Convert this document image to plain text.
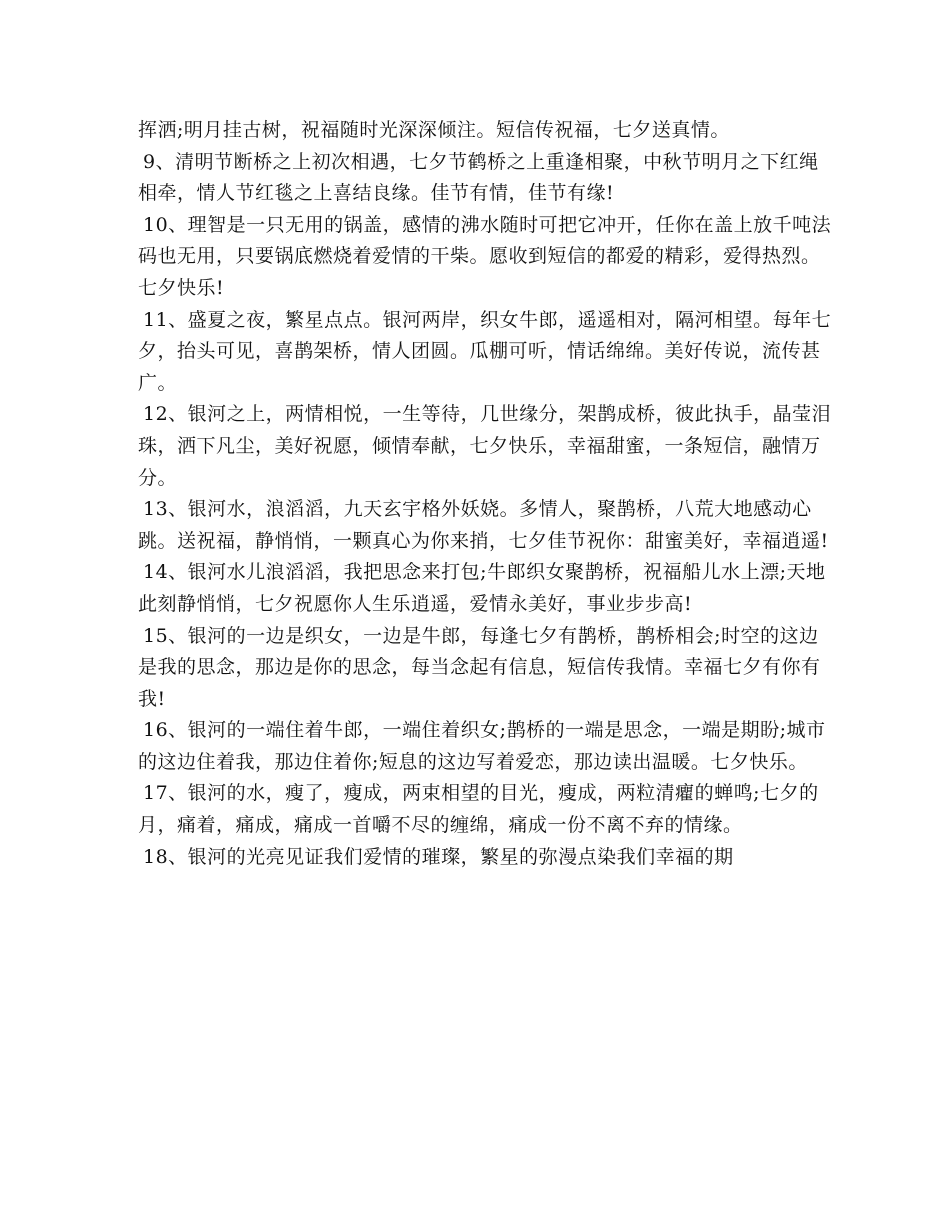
挥洒;明月挂古树，祝福随时光深深倾注。短信传祝福，七夕送真情。

9、清明节断桥之上初次相遇，七夕节鹤桥之上重逢相聚，中秋节明月之下红绳相牵，情人节红毯之上喜结良缘。佳节有情，佳节有缘!

10、理智是一只无用的锅盖，感情的沸水随时可把它冲开，任你在盖上放千吨法码也无用，只要锅底燃烧着爱情的干柴。愿收到短信的都爱的精彩，爱得热烈。七夕快乐!

11、盛夏之夜，繁星点点。银河两岸，织女牛郎，遥遥相对，隔河相望。每年七夕，抬头可见，喜鹊架桥，情人团圆。瓜棚可听，情话绵绵。美好传说，流传甚广。

12、银河之上，两情相悦，一生等待，几世缘分，架鹊成桥，彼此执手，晶莹泪珠，洒下凡尘，美好祝愿，倾情奉献，七夕快乐，幸福甜蜜，一条短信，融情万分。

13、银河水，浪滔滔，九天玄宇格外妖娆。多情人，聚鹊桥，八荒大地感动心跳。送祝福，静悄悄，一颗真心为你来捎，七夕佳节祝你：甜蜜美好，幸福逍遥!

14、银河水儿浪滔滔，我把思念来打包;牛郎织女聚鹊桥，祝福船儿水上漂;天地此刻静悄悄，七夕祝愿你人生乐逍遥，爱情永美好，事业步步高!

15、银河的一边是织女，一边是牛郎，每逢七夕有鹊桥，鹊桥相会;时空的这边是我的思念，那边是你的思念，每当念起有信息，短信传我情。幸福七夕有你有我!

16、银河的一端住着牛郎，一端住着织女;鹊桥的一端是思念，一端是期盼;城市的这边住着我，那边住着你;短息的这边写着爱恋，那边读出温暖。七夕快乐。

17、银河的水，瘦了，瘦成，两束相望的目光，瘦成，两粒清癯的蝉鸣;七夕的月，痛着，痛成，痛成一首嚼不尽的缠绵，痛成一份不离不弃的情缘。

18、银河的光亮见证我们爱情的璀璨，繁星的弥漫点染我们幸福的期
